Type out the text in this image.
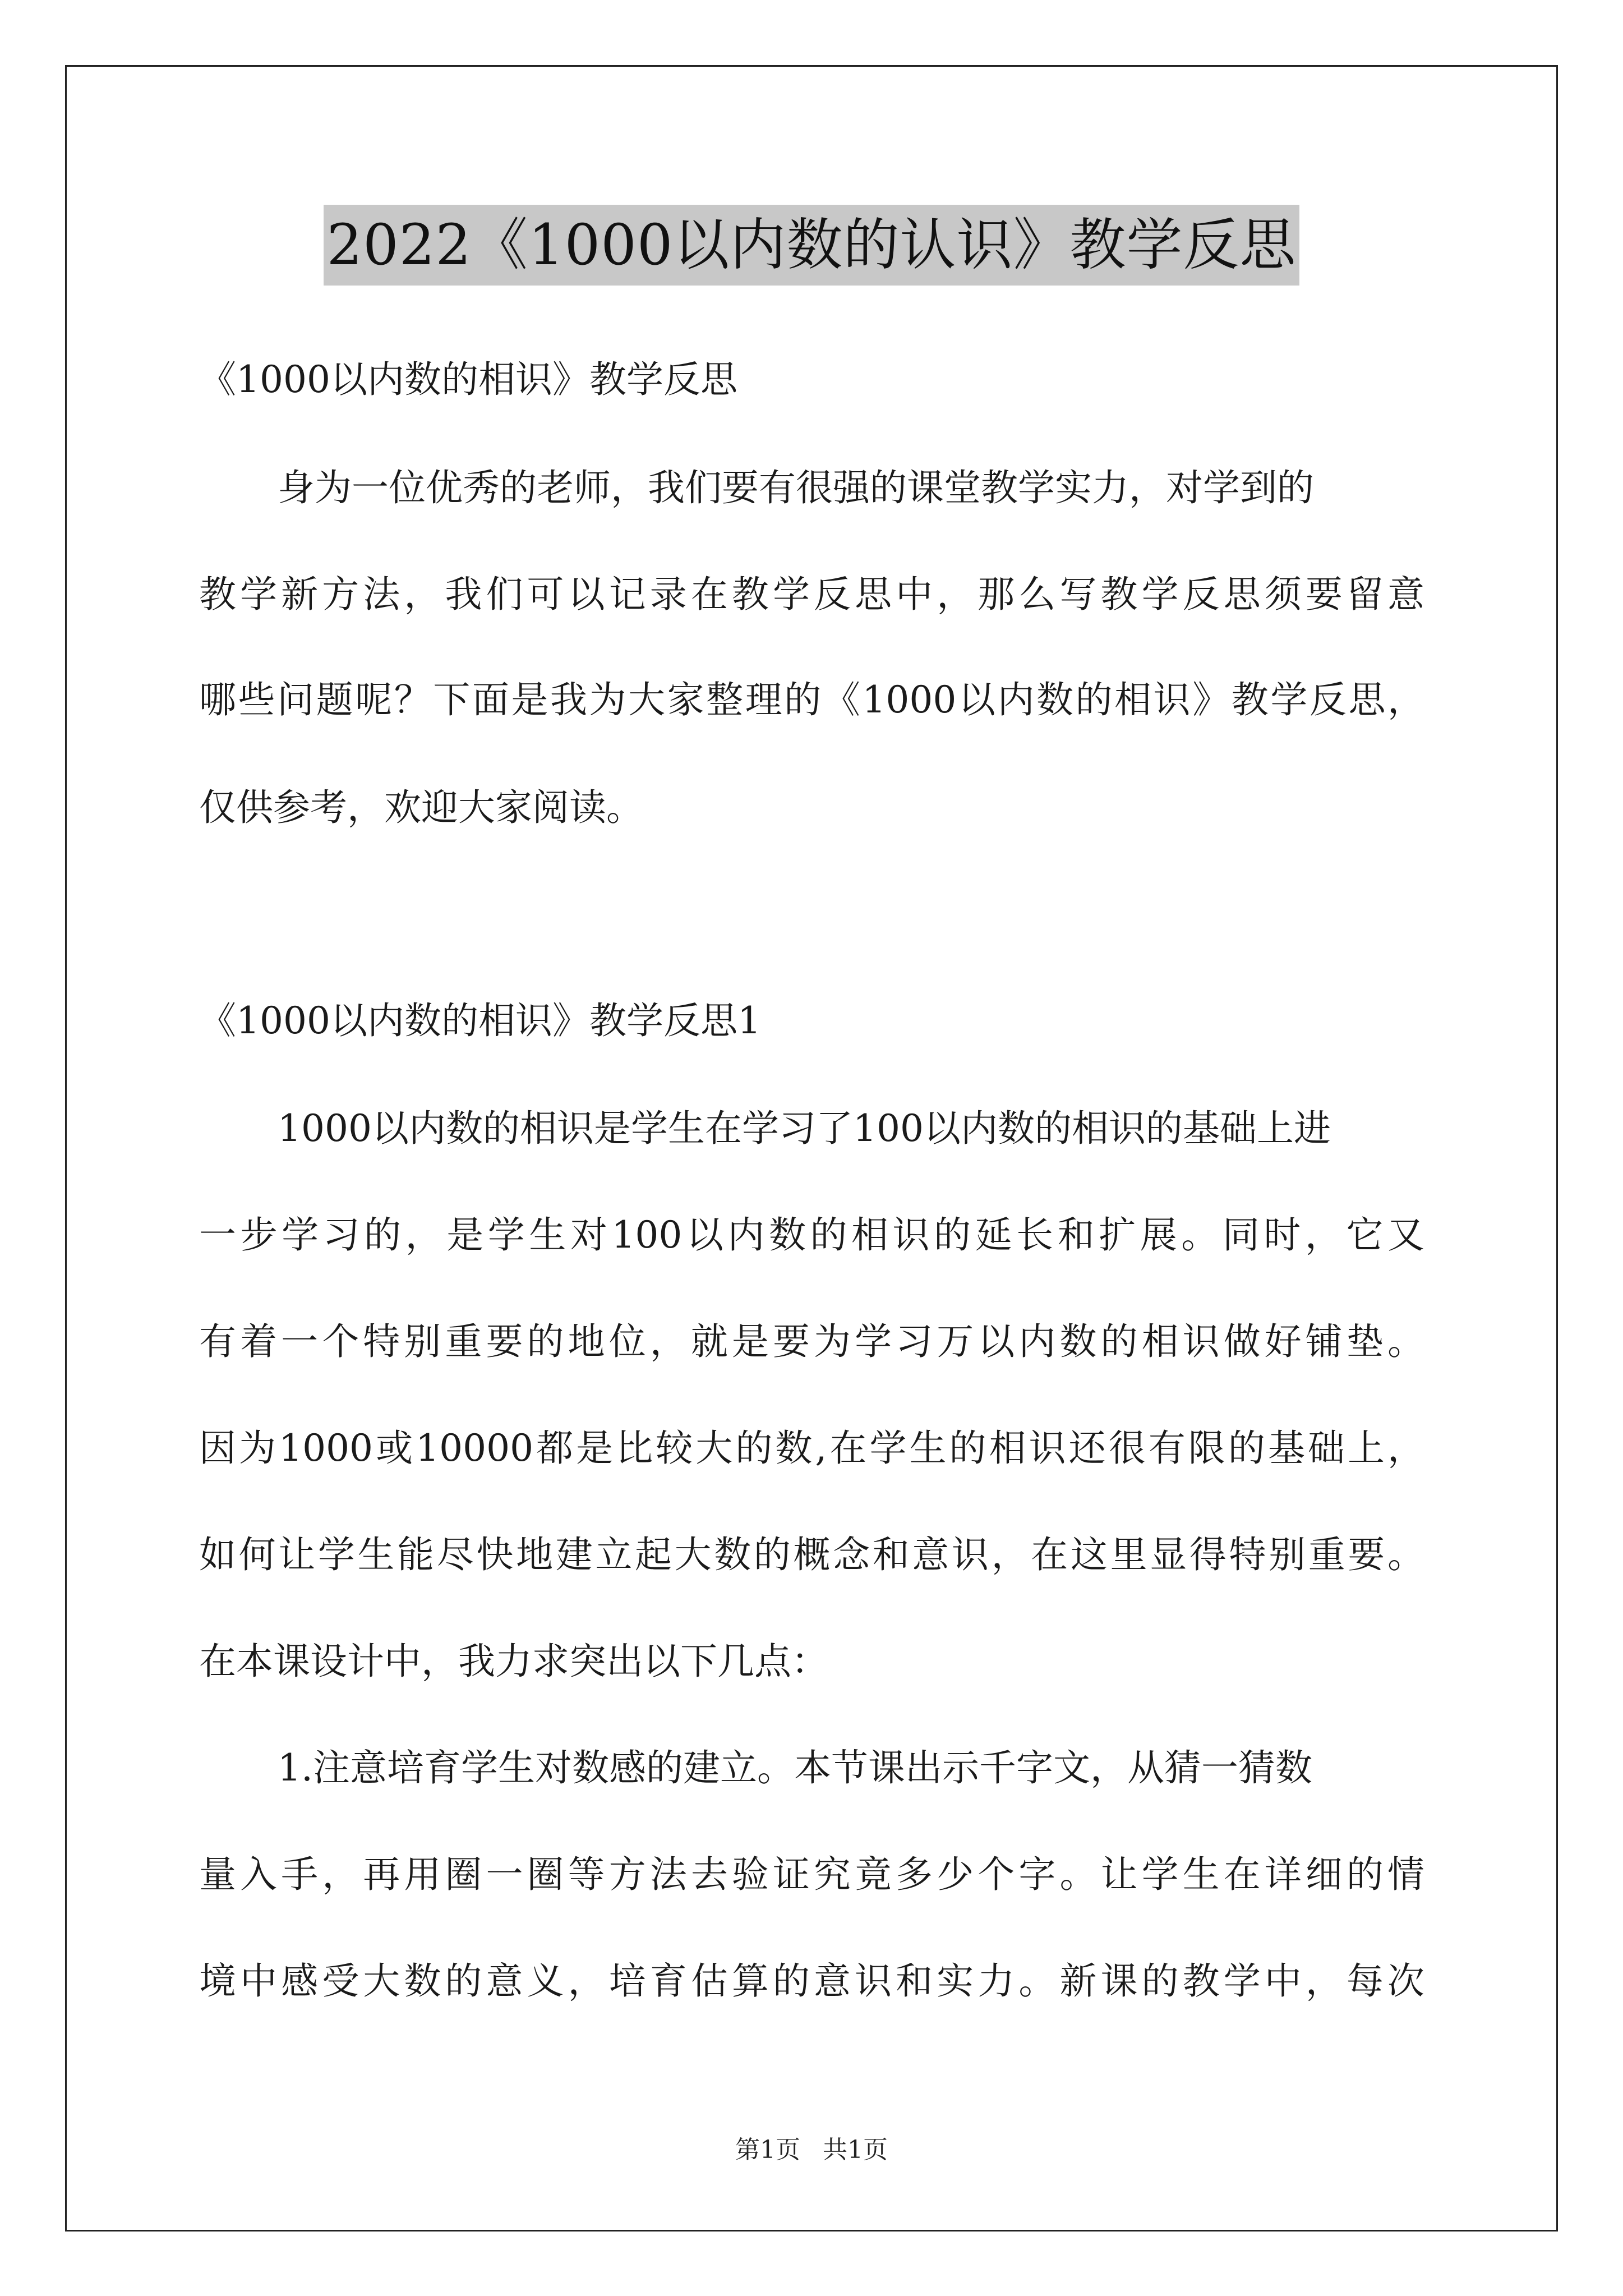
2022《1000以内数的认识》教学反思
《1000以内数的相识》教学反思
身为一位优秀的老师，我们要有很强的课堂教学实力，对学到的
教学新方法，我们可以记录在教学反思中，那么写教学反思须要留意
哪些问题呢？下面是我为大家整理的《1000以内数的相识》教学反思，
仅供参考，欢迎大家阅读。
《1000以内数的相识》教学反思1
1000以内数的相识是学生在学习了100以内数的相识的基础上进
一步学习的，是学生对100以内数的相识的延长和扩展。同时，它又
有着一个特别重要的地位，就是要为学习万以内数的相识做好铺垫。
因为1000或10000都是比较大的数,在学生的相识还很有限的基础上，
如何让学生能尽快地建立起大数的概念和意识，在这里显得特别重要。
在本课设计中，我力求突出以下几点：
1.注意培育学生对数感的建立。本节课出示千字文，从猜一猜数
量入手，再用圈一圈等方法去验证究竟多少个字。让学生在详细的情
境中感受大数的意义，培育估算的意识和实力。新课的教学中，每次
第1页 共1页
